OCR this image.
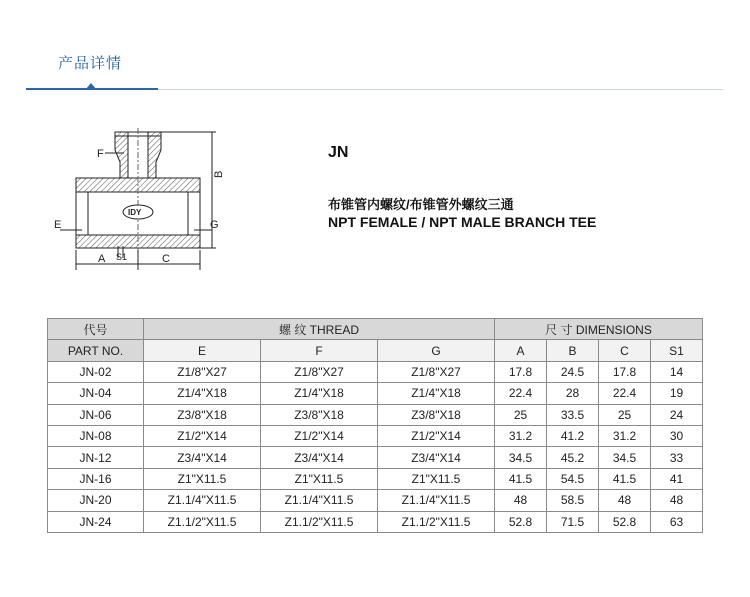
产品详情
F
B
E	G
A S1	C
IDY
JN
布锥管内螺纹/布锥管外螺纹三通
NPT FEMALE / NPT MALE BRANCH TEE
代号	螺 纹 THREAD			尺 寸 DIMENSIONS			
PART NO.	E	F	G	A	B	C	S1
JN-02	Z1/8"X27	Z1/8"X27	Z1/8"X27	17.8	24.5	17.8	14
JN-04	Z1/4"X18	Z1/4"X18	Z1/4"X18	22.4	28	22.4	19
JN-06	Z3/8"X18	Z3/8"X18	Z3/8"X18	25	33.5	25	24
JN-08	Z1/2"X14	Z1/2"X14	Z1/2"X14	31.2	41.2	31.2	30
JN-12	Z3/4"X14	Z3/4"X14	Z3/4"X14	34.5	45.2	34.5	33
JN-16	Z1"X11.5	Z1"X11.5	Z1"X11.5	41.5	54.5	41.5	41
JN-20	Z1.1/4"X11.5	Z1.1/4"X11.5	Z1.1/4"X11.5	48	58.5	48	48
JN-24	Z1.1/2"X11.5	Z1.1/2"X11.5	Z1.1/2"X11.5	52.8	71.5	52.8	63
